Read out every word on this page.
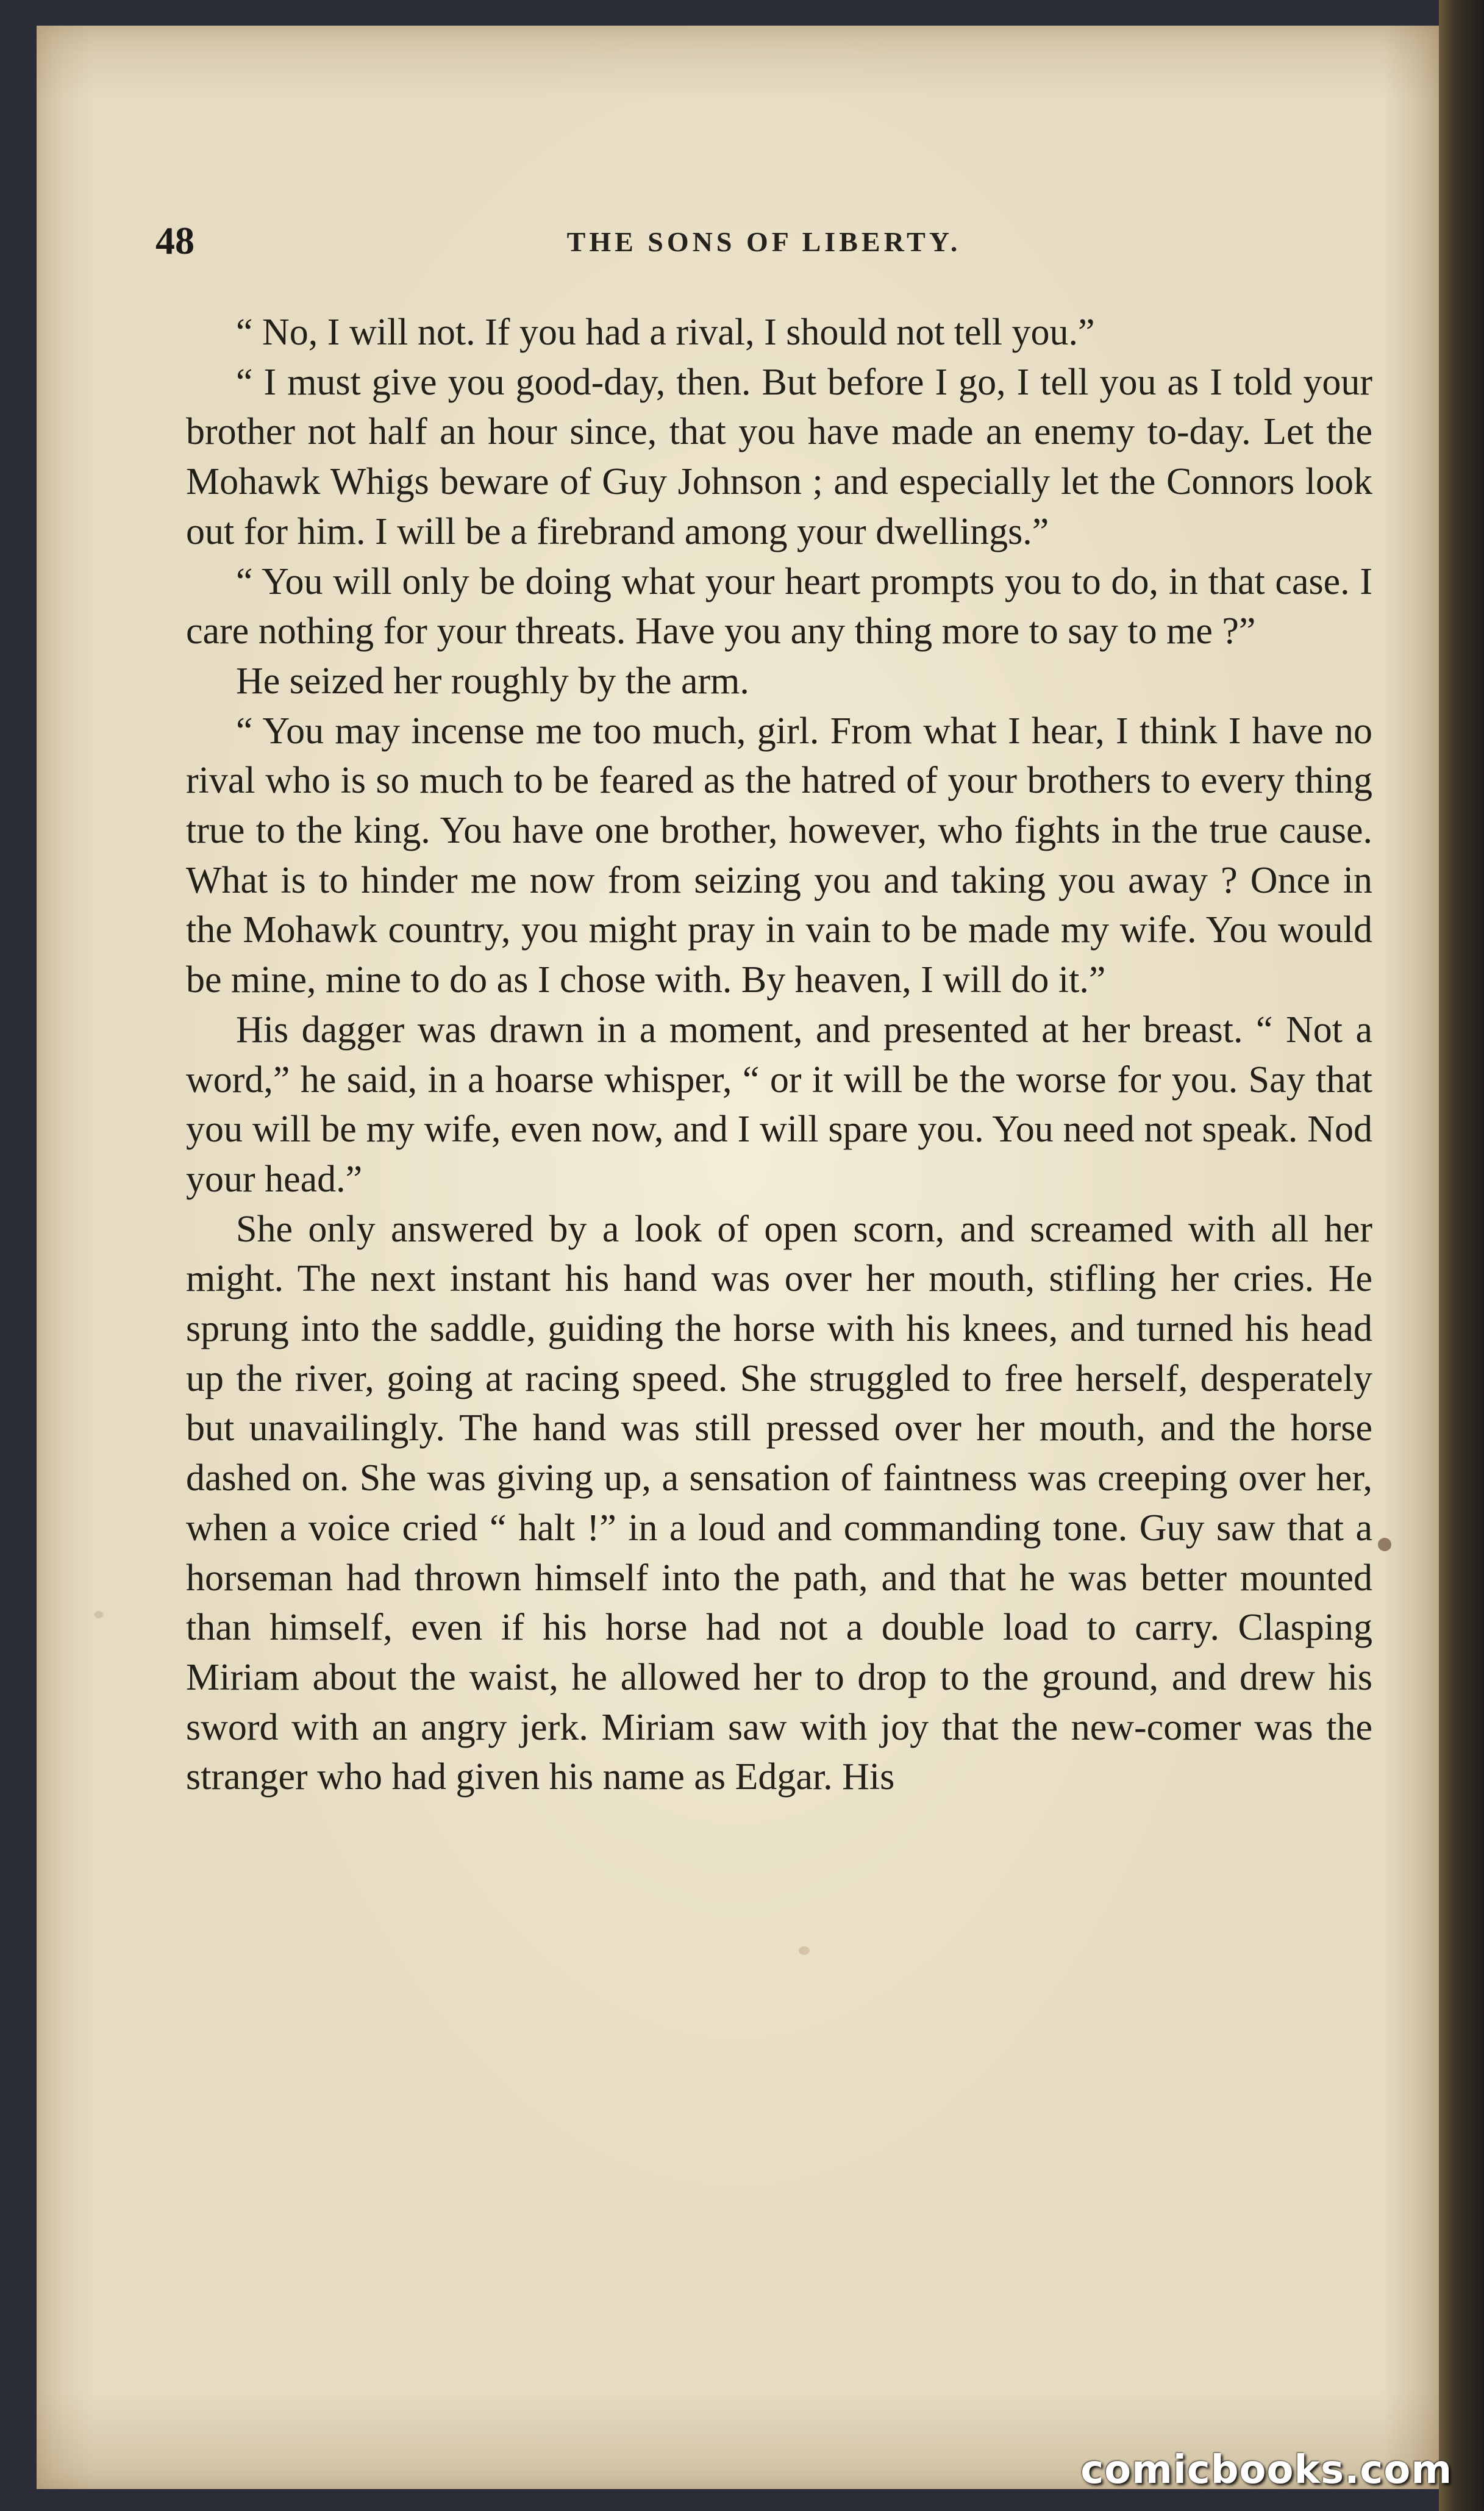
48	THE SONS OF LIBERTY.

“ No, I will not. If you had a rival, I should not tell you.”

“ I must give you good-day, then. But before I go, I tell you as I told your brother not half an hour since, that you have made an enemy to-day. Let the Mohawk Whigs beware of Guy Johnson ; and especially let the Connors look out for him. I will be a firebrand among your dwellings.”

“ You will only be doing what your heart prompts you to do, in that case. I care nothing for your threats. Have you any thing more to say to me ?”

He seized her roughly by the arm.

“ You may incense me too much, girl. From what I hear, I think I have no rival who is so much to be feared as the hatred of your brothers to every thing true to the king. You have one brother, however, who fights in the true cause. What is to hinder me now from seizing you and taking you away ? Once in the Mohawk country, you might pray in vain to be made my wife. You would be mine, mine to do as I chose with. By heaven, I will do it.”

His dagger was drawn in a moment, and presented at her breast. “ Not a word,” he said, in a hoarse whisper, “ or it will be the worse for you. Say that you will be my wife, even now, and I will spare you. You need not speak. Nod your head.”

She only answered by a look of open scorn, and screamed with all her might. The next instant his hand was over her mouth, stifling her cries. He sprung into the saddle, guiding the horse with his knees, and turned his head up the river, going at racing speed. She struggled to free herself, desperately but unavailingly. The hand was still pressed over her mouth, and the horse dashed on. She was giving up, a sensation of faintness was creeping over her, when a voice cried “ halt !” in a loud and commanding tone. Guy saw that a horseman had thrown himself into the path, and that he was better mounted than himself, even if his horse had not a double load to carry. Clasping Miriam about the waist, he allowed her to drop to the ground, and drew his sword with an angry jerk. Miriam saw with joy that the new-comer was the stranger who had given his name as Edgar. His

comicbooks.com
